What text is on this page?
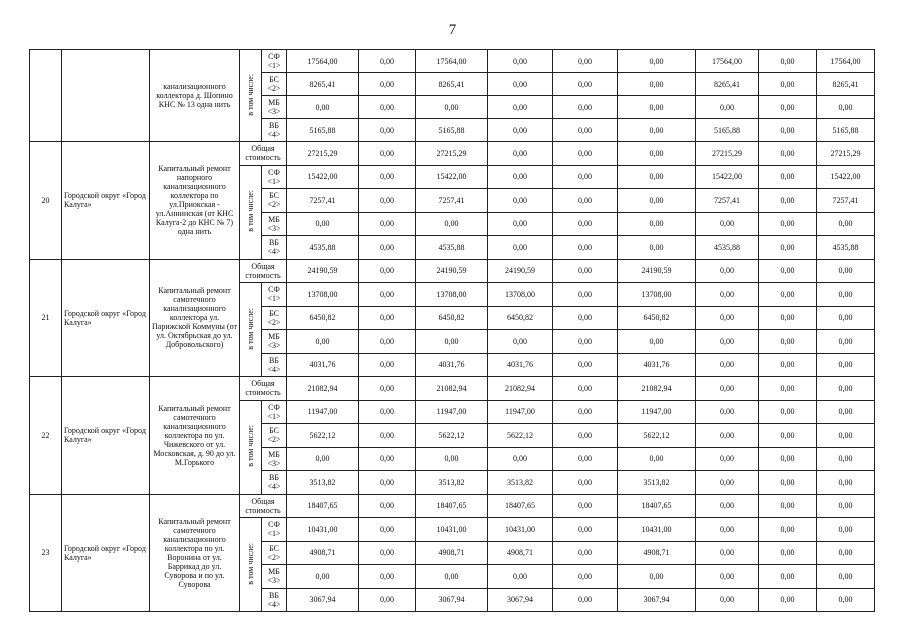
7
		канализационного коллектора д. Шопино КНС № 13 одна нить	в том числе:	СФ <1>	17564,00	0,00	17564,00	0,00	0,00	0,00	17564,00	0,00	17564,00
				БС <2>	8265,41	0,00	8265,41	0,00	0,00	0,00	8265,41	0,00	8265,41
				МБ <3>	0,00	0,00	0,00	0,00	0,00	0,00	0,00	0,00	0,00
				ВБ <4>	5165,88	0,00	5165,88	0,00	0,00	0,00	5165,88	0,00	5165,88
20	Городской округ «Город Калуга»	Капитальный ремонт напорного канализационного коллектора по ул.Приокская - ул.Аннинская (от КНС Калуга-2 до КНС № 7) одна нить	Общая стоимость		27215,29	0,00	27215,29	0,00	0,00	0,00	27215,29	0,00	27215,29
			в том числе:	СФ <1>	15422,00	0,00	15422,00	0,00	0,00	0,00	15422,00	0,00	15422,00
				БС <2>	7257,41	0,00	7257,41	0,00	0,00	0,00	7257,41	0,00	7257,41
				МБ <3>	0,00	0,00	0,00	0,00	0,00	0,00	0,00	0,00	0,00
				ВБ <4>	4535,88	0,00	4535,88	0,00	0,00	0,00	4535,88	0,00	4535,88
21	Городской округ «Город Калуга»	Капитальный ремонт самотечного канализационного коллектора ул. Парижской Коммуны (от ул. Октябрьская до ул. Добровольского)	Общая стоимость		24190,59	0,00	24190,59	24190,59	0,00	24190,59	0,00	0,00	0,00
			в том числе:	СФ <1>	13708,00	0,00	13708,00	13708,00	0,00	13708,00	0,00	0,00	0,00
				БС <2>	6450,82	0,00	6450,82	6450,82	0,00	6450,82	0,00	0,00	0,00
				МБ <3>	0,00	0,00	0,00	0,00	0,00	0,00	0,00	0,00	0,00
				ВБ <4>	4031,76	0,00	4031,76	4031,76	0,00	4031,76	0,00	0,00	0,00
22	Городской округ «Город Калуга»	Капитальный ремонт самотечного канализационного коллектора по ул. Чижевского от ул. Московская, д. 90 до ул. М.Горького	Общая стоимость		21082,94	0,00	21082,94	21082,94	0,00	21082,94	0,00	0,00	0,00
			в том числе:	СФ <1>	11947,00	0,00	11947,00	11947,00	0,00	11947,00	0,00	0,00	0,00
				БС <2>	5622,12	0,00	5622,12	5622,12	0,00	5622,12	0,00	0,00	0,00
				МБ <3>	0,00	0,00	0,00	0,00	0,00	0,00	0,00	0,00	0,00
				ВБ <4>	3513,82	0,00	3513,82	3513,82	0,00	3513,82	0,00	0,00	0,00
23	Городской округ «Город Калуга»	Капитальный ремонт самотечного канализационного коллектора по ул. Воронина от ул. Баррикад до ул. Суворова и по ул. Суворова	Общая стоимость		18407,65	0,00	18407,65	18407,65	0,00	18407,65	0,00	0,00	0,00
			в том числе:	СФ <1>	10431,00	0,00	10431,00	10431,00	0,00	10431,00	0,00	0,00	0,00
				БС <2>	4908,71	0,00	4908,71	4908,71	0,00	4908,71	0,00	0,00	0,00
				МБ <3>	0,00	0,00	0,00	0,00	0,00	0,00	0,00	0,00	0,00
				ВБ <4>	3067,94	0,00	3067,94	3067,94	0,00	3067,94	0,00	0,00	0,00
